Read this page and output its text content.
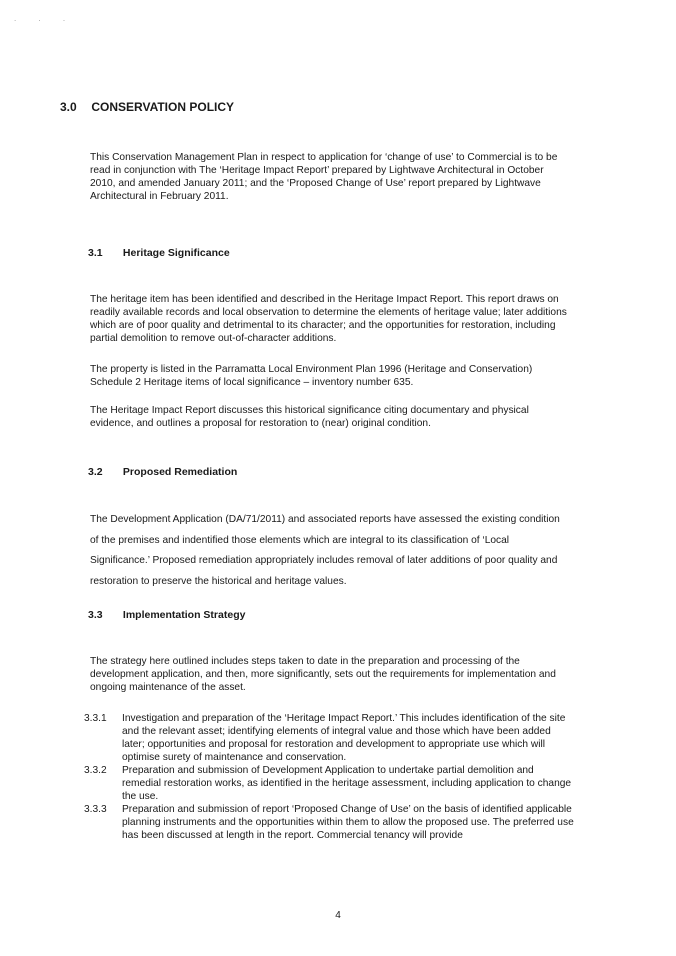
. . .
3.0 CONSERVATION POLICY

This Conservation Management Plan in respect to application for ‘change of use’ to Commercial is to be read in conjunction with The ‘Heritage Impact Report’ prepared by Lightwave Architectural in October 2010, and amended January 2011; and the ‘Proposed Change of Use’ report prepared by Lightwave Architectural in February 2011.

3.1 Heritage Significance

The heritage item has been identified and described in the Heritage Impact Report. This report draws on readily available records and local observation to determine the elements of heritage value; later additions which are of poor quality and detrimental to its character; and the opportunities for restoration, including partial demolition to remove out-of-character additions.

The property is listed in the Parramatta Local Environment Plan 1996 (Heritage and Conservation) Schedule 2 Heritage items of local significance – inventory number 635.

The Heritage Impact Report discusses this historical significance citing documentary and physical evidence, and outlines a proposal for restoration to (near) original condition.

3.2 Proposed Remediation

The Development Application (DA/71/2011) and associated reports have assessed the existing condition of the premises and indentified those elements which are integral to its classification of ‘Local Significance.’ Proposed remediation appropriately includes removal of later additions of poor quality and restoration to preserve the historical and heritage values.

3.3 Implementation Strategy

The strategy here outlined includes steps taken to date in the preparation and processing of the development application, and then, more significantly, sets out the requirements for implementation and ongoing maintenance of the asset.

3.3.1	Investigation and preparation of the ‘Heritage Impact Report.’ This includes identification of the site and the relevant asset; identifying elements of integral value and those which have been added later; opportunities and proposal for restoration and development to appropriate use which will optimise surety of maintenance and conservation.
3.3.2	Preparation and submission of Development Application to undertake partial demolition and remedial restoration works, as identified in the heritage assessment, including application to change the use.
3.3.3	Preparation and submission of report ‘Proposed Change of Use’ on the basis of identified applicable planning instruments and the opportunities within them to allow the proposed use. The preferred use has been discussed at length in the report. Commercial tenancy will provide
4
